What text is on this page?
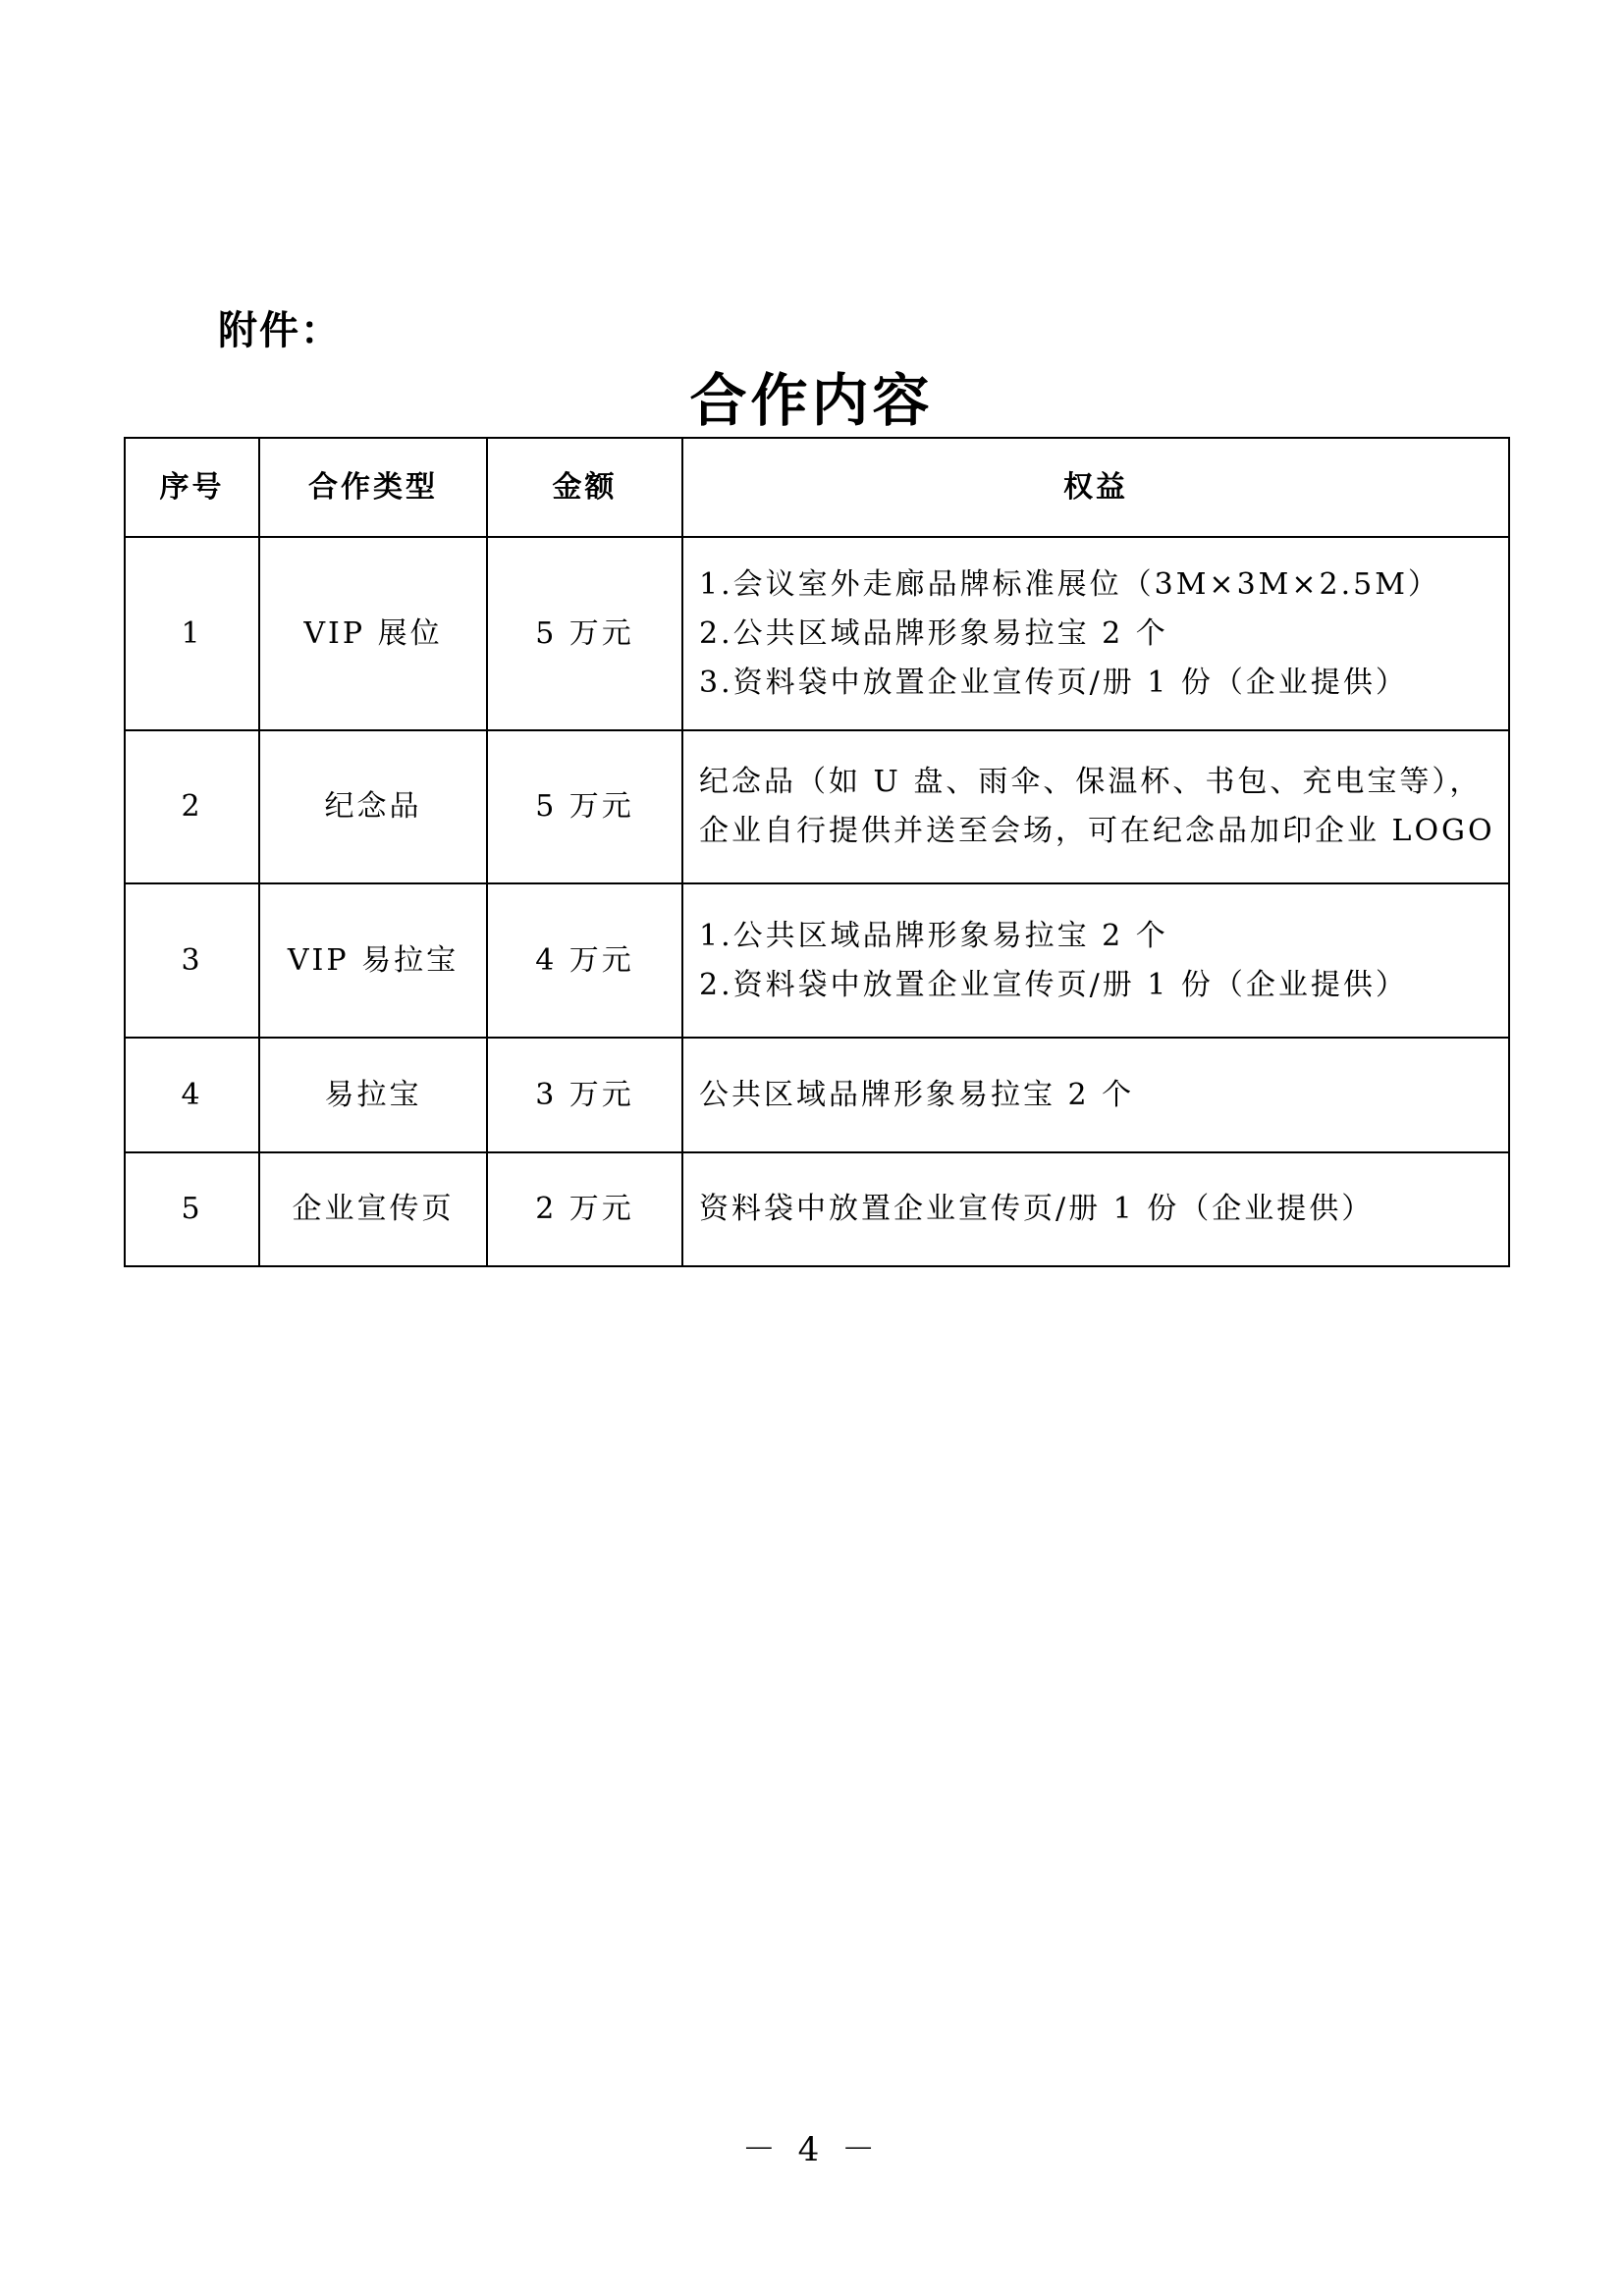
附件：
合作内容
序号	合作类型	金额	权益
1	VIP 展位	5 万元	1.会议室外走廊品牌标准展位（3M×3M×2.5M）
2.公共区域品牌形象易拉宝 2 个
3.资料袋中放置企业宣传页/册 1 份（企业提供）

2	纪念品	5 万元	纪念品（如 U 盘、雨伞、保温杯、书包、充电宝等），
企业自行提供并送至会场，可在纪念品加印企业 LOGO

3	VIP 易拉宝	4 万元	1.公共区域品牌形象易拉宝 2 个
2.资料袋中放置企业宣传页/册 1 份（企业提供）

4	易拉宝	3 万元	公共区域品牌形象易拉宝 2 个

5	企业宣传页	2 万元	资料袋中放置企业宣传页/册 1 份（企业提供）
－ 4 －
